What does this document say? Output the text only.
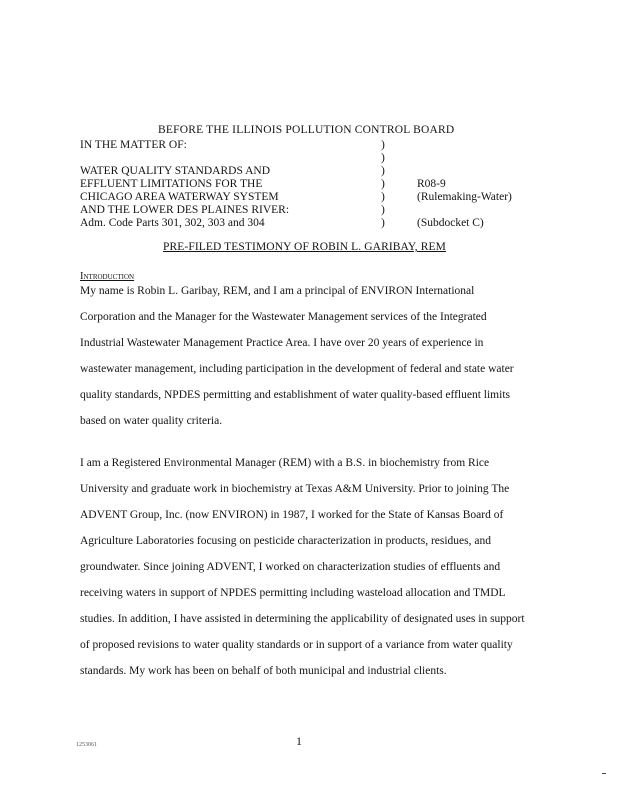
BEFORE THE ILLINOIS POLLUTION CONTROL BOARD
IN THE MATTER OF:	)
)
WATER QUALITY STANDARDS AND	)
EFFLUENT LIMITATIONS FOR THE	)	R08-9
CHICAGO AREA WATERWAY SYSTEM	)	(Rulemaking-Water)
AND THE LOWER DES PLAINES RIVER:	)
Adm. Code Parts 301, 302, 303 and 304	)	(Subdocket C)
PRE-FILED TESTIMONY OF ROBIN L. GARIBAY, REM
Introduction
My name is Robin L. Garibay, REM, and I am a principal of ENVIRON International
Corporation and the Manager for the Wastewater Management services of the Integrated
Industrial Wastewater Management Practice Area. I have over 20 years of experience in
wastewater management, including participation in the development of federal and state water
quality standards, NPDES permitting and establishment of water quality-based effluent limits
based on water quality criteria.
I am a Registered Environmental Manager (REM) with a B.S. in biochemistry from Rice
University and graduate work in biochemistry at Texas A&M University. Prior to joining The
ADVENT Group, Inc. (now ENVIRON) in 1987, I worked for the State of Kansas Board of
Agriculture Laboratories focusing on pesticide characterization in products, residues, and
groundwater. Since joining ADVENT, I worked on characterization studies of effluents and
receiving waters in support of NPDES permitting including wasteload allocation and TMDL
studies. In addition, I have assisted in determining the applicability of designated uses in support
of proposed revisions to water quality standards or in support of a variance from water quality
standards. My work has been on behalf of both municipal and industrial clients.
1
1253061
